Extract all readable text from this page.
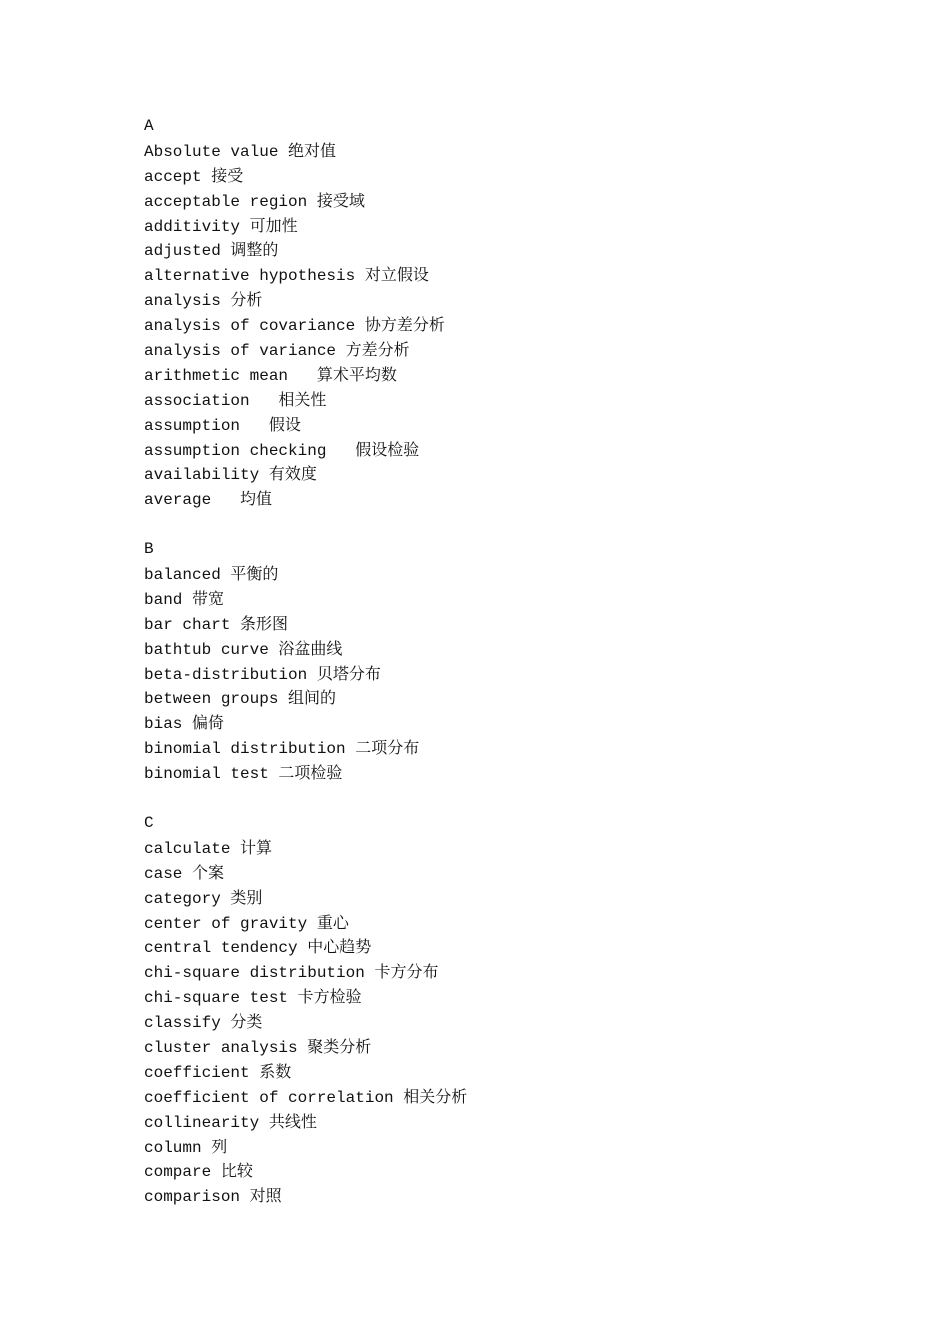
A
Absolute value 绝对值
accept 接受
acceptable region 接受域
additivity 可加性
adjusted 调整的
alternative hypothesis 对立假设
analysis 分析
analysis of covariance 协方差分析
analysis of variance 方差分析
arithmetic mean   算术平均数
association   相关性
assumption   假设
assumption checking   假设检验
availability 有效度
average   均值
B
balanced 平衡的
band 带宽
bar chart 条形图
bathtub curve 浴盆曲线
beta-distribution 贝塔分布
between groups 组间的
bias 偏倚
binomial distribution 二项分布
binomial test 二项检验
C
calculate 计算
case 个案
category 类别
center of gravity 重心
central tendency 中心趋势
chi-square distribution 卡方分布
chi-square test 卡方检验
classify 分类
cluster analysis 聚类分析
coefficient 系数
coefficient of correlation 相关分析
collinearity 共线性
column 列
compare 比较
comparison 对照
